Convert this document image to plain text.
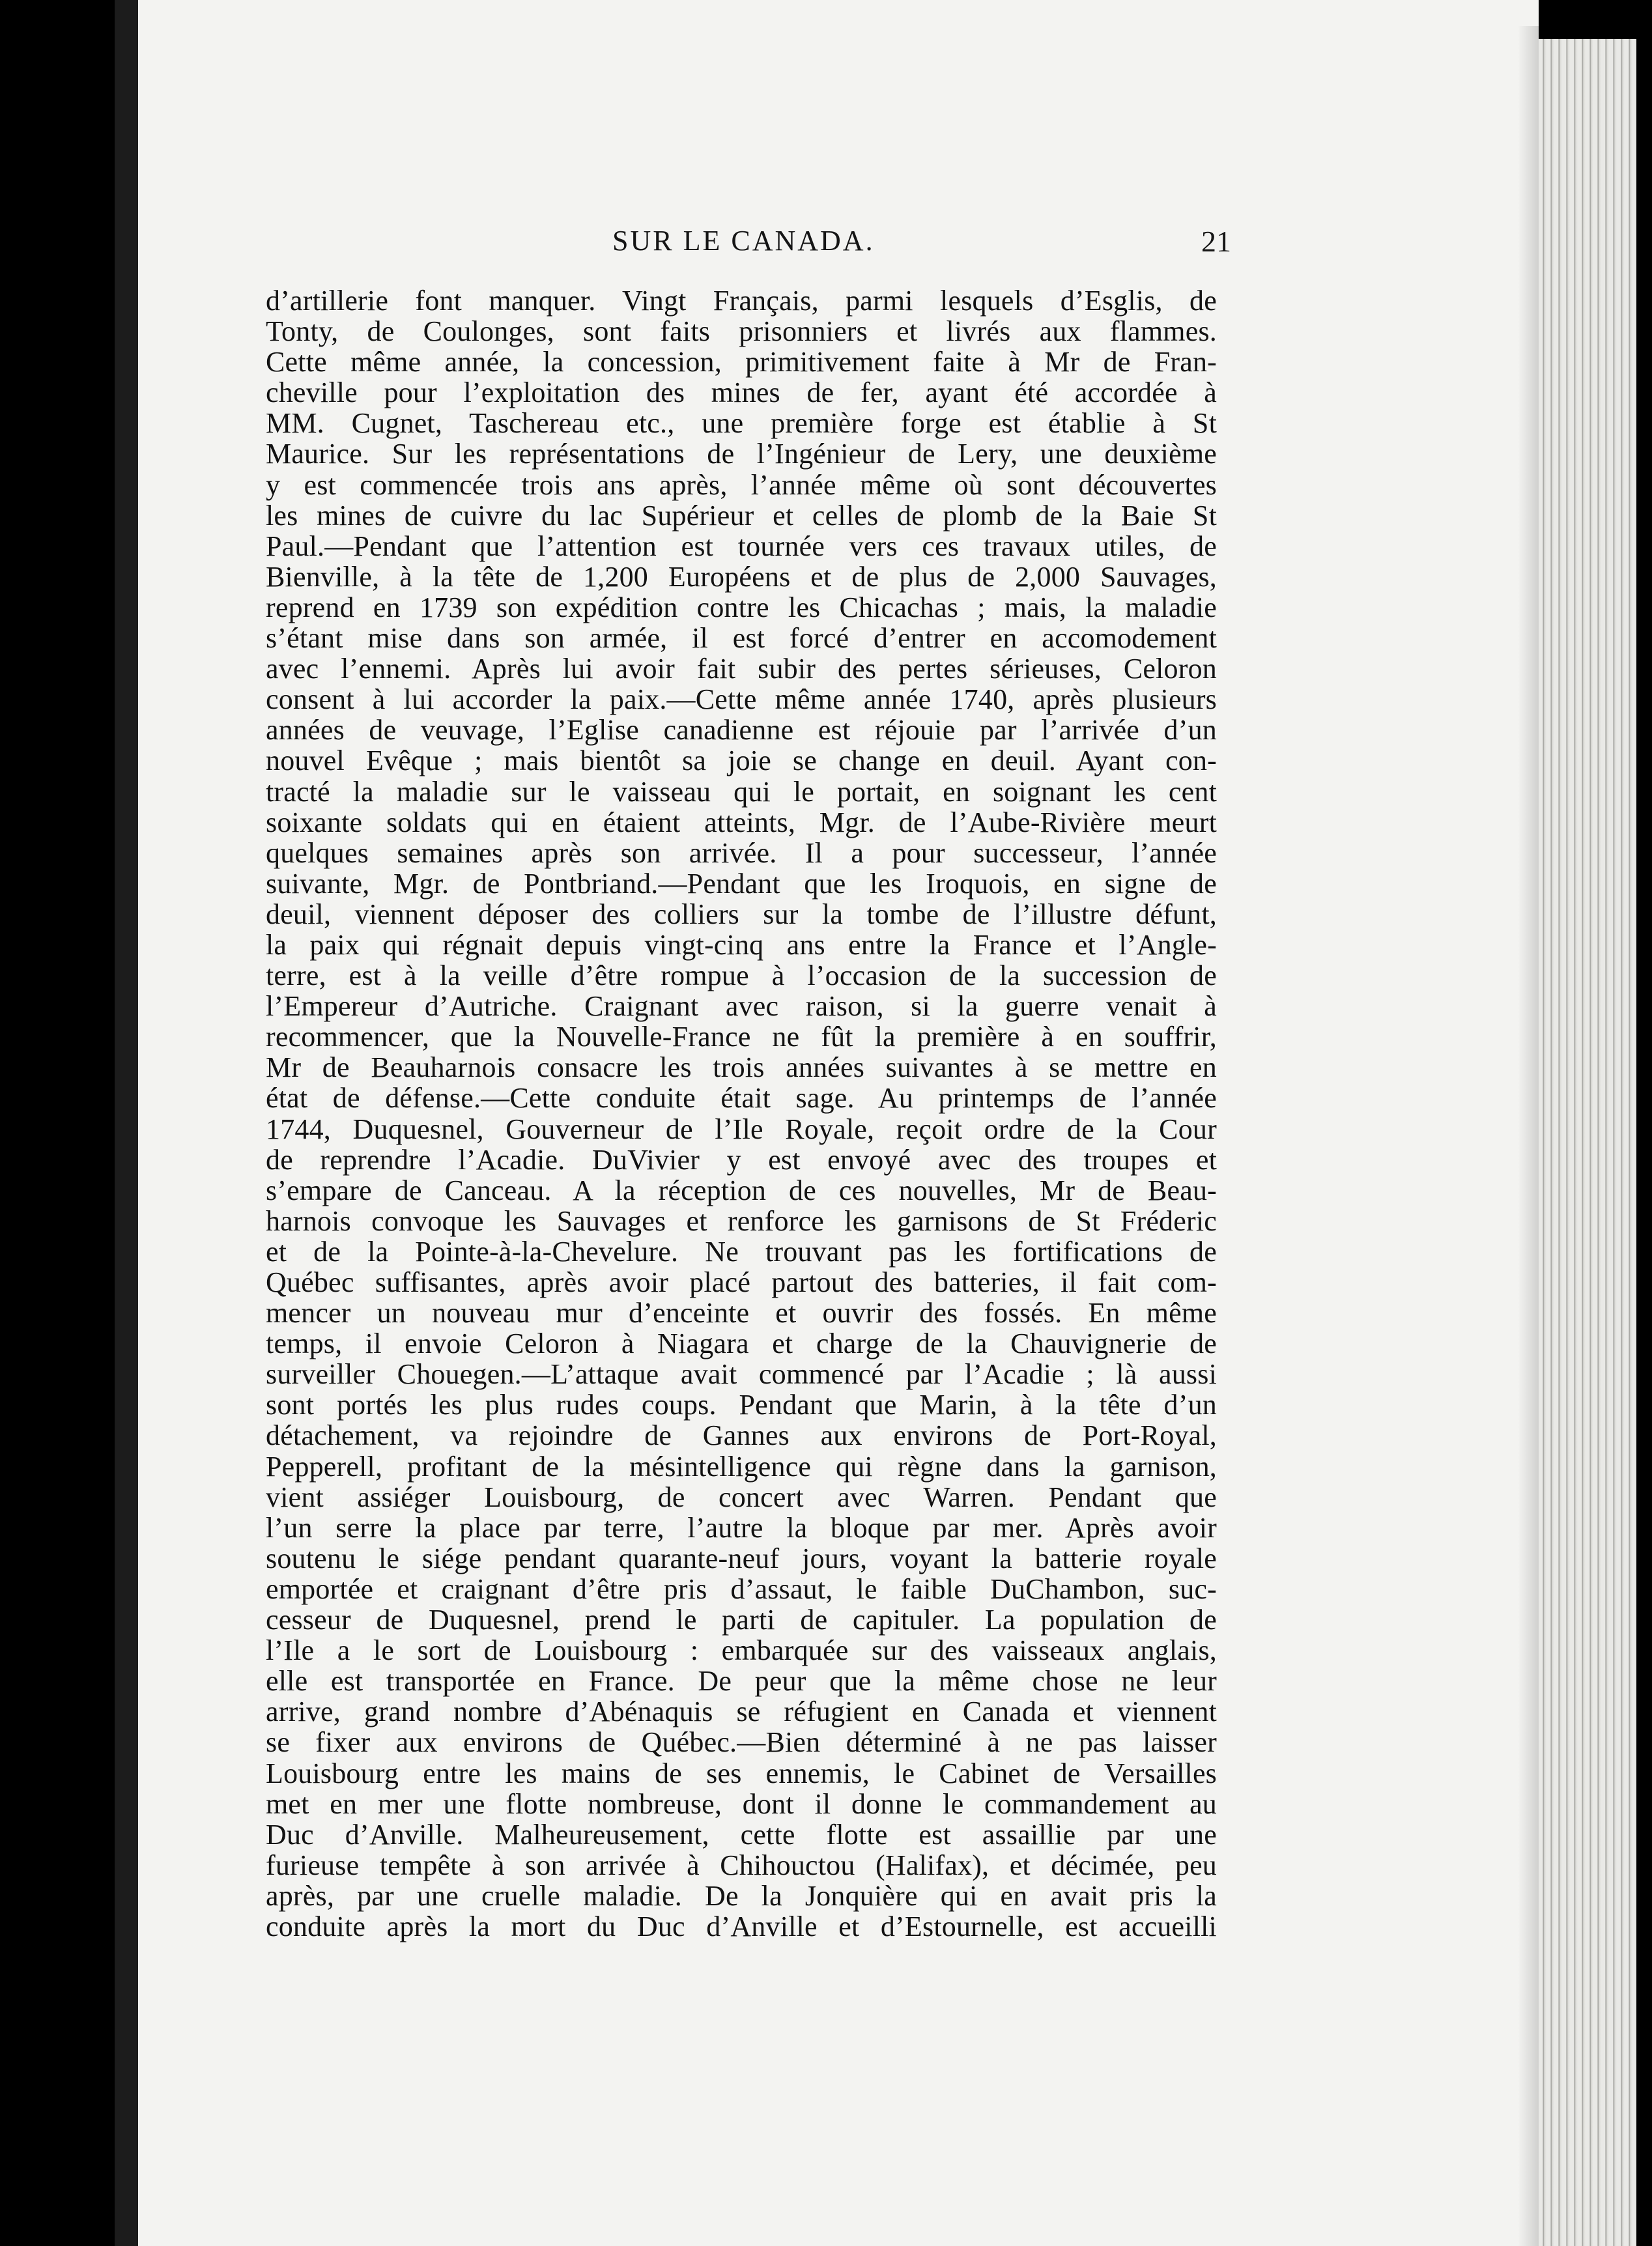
SUR LE CANADA.	21
d’artillerie font manquer. Vingt Français, parmi lesquels d’Esglis, de
Tonty, de Coulonges, sont faits prisonniers et livrés aux flammes.
Cette même année, la concession, primitivement faite à Mr de Fran-
cheville pour l’exploitation des mines de fer, ayant été accordée à
MM. Cugnet, Taschereau etc., une première forge est établie à St
Maurice. Sur les représentations de l’Ingénieur de Lery, une deuxième
y est commencée trois ans après, l’année même où sont découvertes
les mines de cuivre du lac Supérieur et celles de plomb de la Baie St
Paul.—Pendant que l’attention est tournée vers ces travaux utiles, de
Bienville, à la tête de 1,200 Européens et de plus de 2,000 Sauvages,
reprend en 1739 son expédition contre les Chicachas ; mais, la maladie
s’étant mise dans son armée, il est forcé d’entrer en accomodement
avec l’ennemi. Après lui avoir fait subir des pertes sérieuses, Celoron
consent à lui accorder la paix.—Cette même année 1740, après plusieurs
années de veuvage, l’Eglise canadienne est réjouie par l’arrivée d’un
nouvel Evêque ; mais bientôt sa joie se change en deuil. Ayant con-
tracté la maladie sur le vaisseau qui le portait, en soignant les cent
soixante soldats qui en étaient atteints, Mgr. de l’Aube-Rivière meurt
quelques semaines après son arrivée. Il a pour successeur, l’année
suivante, Mgr. de Pontbriand.—Pendant que les Iroquois, en signe de
deuil, viennent déposer des colliers sur la tombe de l’illustre défunt,
la paix qui régnait depuis vingt-cinq ans entre la France et l’Angle-
terre, est à la veille d’être rompue à l’occasion de la succession de
l’Empereur d’Autriche. Craignant avec raison, si la guerre venait à
recommencer, que la Nouvelle-France ne fût la première à en souffrir,
Mr de Beauharnois consacre les trois années suivantes à se mettre en
état de défense.—Cette conduite était sage. Au printemps de l’année
1744, Duquesnel, Gouverneur de l’Ile Royale, reçoit ordre de la Cour
de reprendre l’Acadie. DuVivier y est envoyé avec des troupes et
s’empare de Canceau. A la réception de ces nouvelles, Mr de Beau-
harnois convoque les Sauvages et renforce les garnisons de St Fréderic
et de la Pointe-à-la-Chevelure. Ne trouvant pas les fortifications de
Québec suffisantes, après avoir placé partout des batteries, il fait com-
mencer un nouveau mur d’enceinte et ouvrir des fossés. En même
temps, il envoie Celoron à Niagara et charge de la Chauvignerie de
surveiller Chouegen.—L’attaque avait commencé par l’Acadie ; là aussi
sont portés les plus rudes coups. Pendant que Marin, à la tête d’un
détachement, va rejoindre de Gannes aux environs de Port-Royal,
Pepperell, profitant de la mésintelligence qui règne dans la garnison,
vient assiéger Louisbourg, de concert avec Warren. Pendant que
l’un serre la place par terre, l’autre la bloque par mer. Après avoir
soutenu le siége pendant quarante-neuf jours, voyant la batterie royale
emportée et craignant d’être pris d’assaut, le faible DuChambon, suc-
cesseur de Duquesnel, prend le parti de capituler. La population de
l’Ile a le sort de Louisbourg : embarquée sur des vaisseaux anglais,
elle est transportée en France. De peur que la même chose ne leur
arrive, grand nombre d’Abénaquis se réfugient en Canada et viennent
se fixer aux environs de Québec.—Bien déterminé à ne pas laisser
Louisbourg entre les mains de ses ennemis, le Cabinet de Versailles
met en mer une flotte nombreuse, dont il donne le commandement au
Duc d’Anville. Malheureusement, cette flotte est assaillie par une
furieuse tempête à son arrivée à Chihouctou (Halifax), et décimée, peu
après, par une cruelle maladie. De la Jonquière qui en avait pris la
conduite après la mort du Duc d’Anville et d’Estournelle, est accueilli
